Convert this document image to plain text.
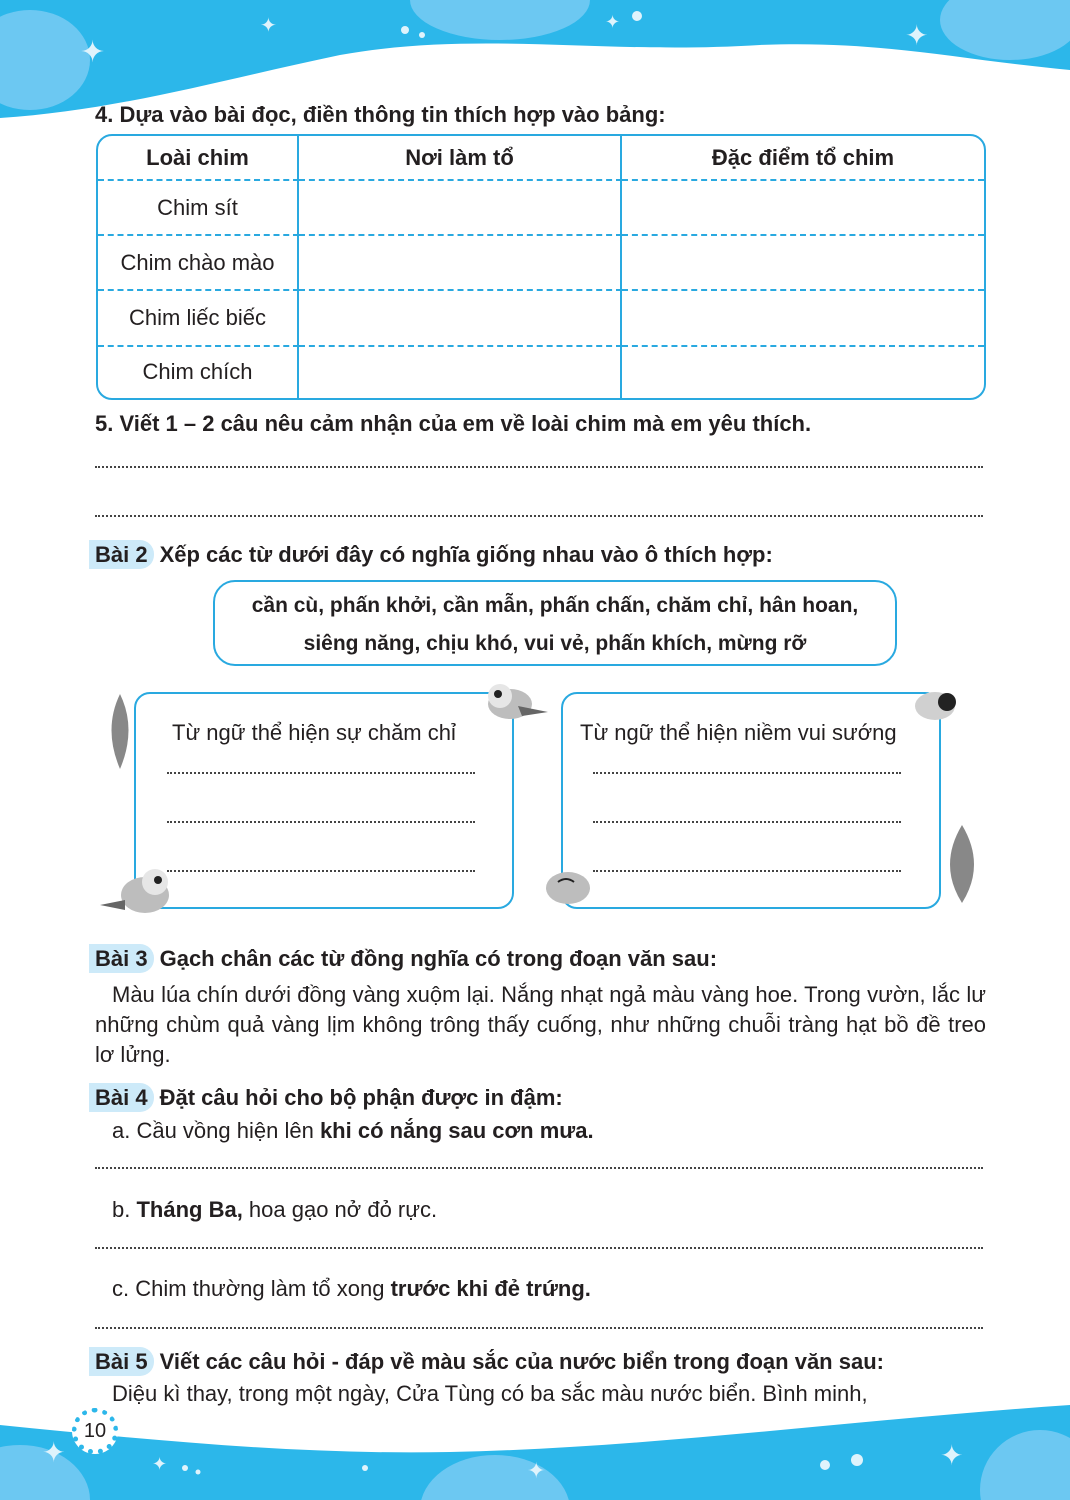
✦
✦	✦	✦
4. Dựa vào bài đọc, điền thông tin thích hợp vào bảng:
Loài chim	Nơi làm tổ	Đặc điểm tổ chim
Chim sít		
Chim chào mào		
Chim liếc biếc		
Chim chích		
5. Viết 1 – 2 câu nêu cảm nhận của em về loài chim mà em yêu thích.
Bài 2 Xếp các từ dưới đây có nghĩa giống nhau vào ô thích hợp:
cần cù, phấn khởi, cần mẫn, phấn chấn, chăm chỉ, hân hoan,
siêng năng, chịu khó, vui vẻ, phấn khích, mừng rỡ
Từ ngữ thể hiện sự chăm chỉ	Từ ngữ thể hiện niềm vui sướng
Bài 3 Gạch chân các từ đồng nghĩa có trong đoạn văn sau:
Màu lúa chín dưới đồng vàng xuộm lại. Nắng nhạt ngả màu vàng hoe. Trong vườn, lắc lư những chùm quả vàng lịm không trông thấy cuống, như những chuỗi tràng hạt bồ đề treo lơ lửng.
Bài 4 Đặt câu hỏi cho bộ phận được in đậm:
a. Cầu vồng hiện lên khi có nắng sau cơn mưa.
b. Tháng Ba, hoa gạo nở đỏ rực.
c. Chim thường làm tổ xong trước khi đẻ trứng.
Bài 5 Viết các câu hỏi - đáp về màu sắc của nước biển trong đoạn văn sau:
Diệu kì thay, trong một ngày, Cửa Tùng có ba sắc màu nước biển. Bình minh,
✦	✦	✦	✦
10
